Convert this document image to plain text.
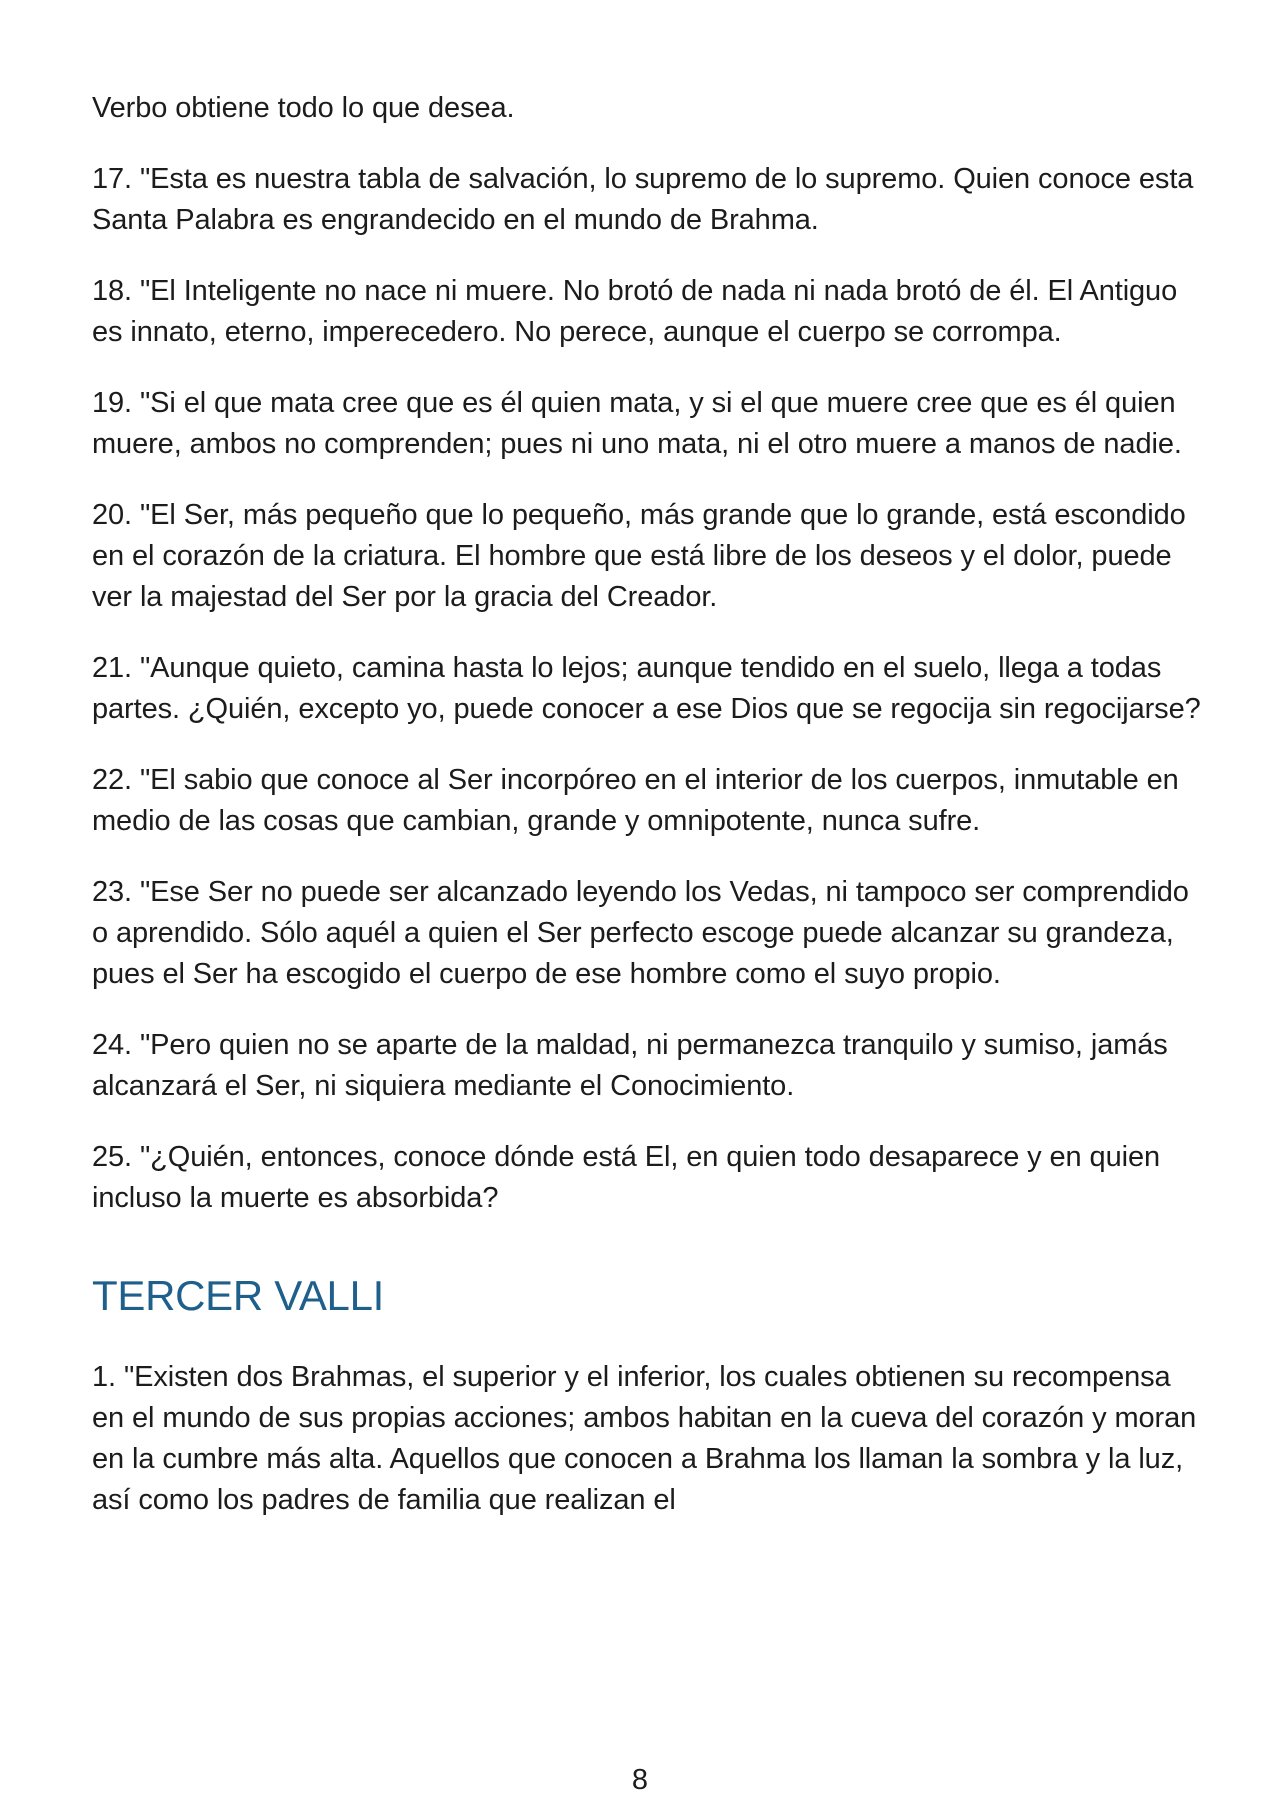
Verbo obtiene todo lo que desea.

17. "Esta es nuestra tabla de salvación, lo supremo de lo supremo. Quien conoce esta Santa Palabra es engrandecido en el mundo de Brahma.

18. "El Inteligente no nace ni muere. No brotó de nada ni nada brotó de él. El Antiguo es innato, eterno, imperecedero. No perece, aunque el cuerpo se corrompa.

19. "Si el que mata cree que es él quien mata, y si el que muere cree que es él quien muere, ambos no comprenden; pues ni uno mata, ni el otro muere a manos de nadie.

20. "El Ser, más pequeño que lo pequeño, más grande que lo grande, está escondido en el corazón de la criatura. El hombre que está libre de los deseos y el dolor, puede ver la majestad del Ser por la gracia del Creador.

21. "Aunque quieto, camina hasta lo lejos; aunque tendido en el suelo, llega a todas partes. ¿Quién, excepto yo, puede conocer a ese Dios que se regocija sin regocijarse?

22. "El sabio que conoce al Ser incorpóreo en el interior de los cuerpos, inmutable en medio de las cosas que cambian, grande y omnipotente, nunca sufre.

23. "Ese Ser no puede ser alcanzado leyendo los Vedas, ni tampoco ser comprendido o aprendido. Sólo aquél a quien el Ser perfecto escoge puede alcanzar su grandeza, pues el Ser ha escogido el cuerpo de ese hombre como el suyo propio.

24. "Pero quien no se aparte de la maldad, ni permanezca tranquilo y sumiso, jamás alcanzará el Ser, ni siquiera mediante el Conocimiento.

25. "¿Quién, entonces, conoce dónde está El, en quien todo desaparece y en quien incluso la muerte es absorbida?

TERCER VALLI

1. "Existen dos Brahmas, el superior y el inferior, los cuales obtienen su recompensa en el mundo de sus propias acciones; ambos habitan en la cueva del corazón y moran en la cumbre más alta. Aquellos que conocen a Brahma los llaman la sombra y la luz, así como los padres de familia que realizan el

8
